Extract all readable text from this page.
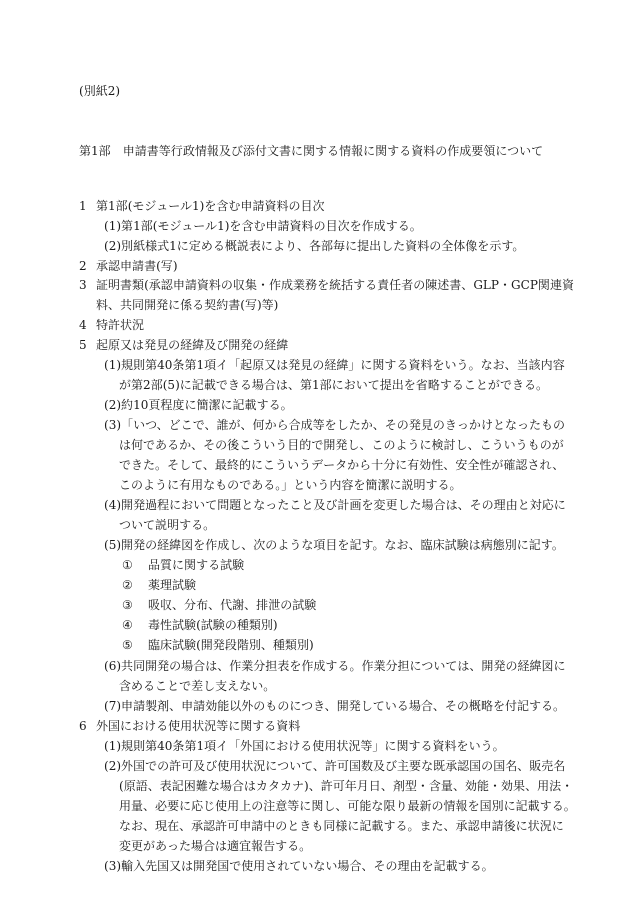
(別紙2)
第1部　申請書等行政情報及び添付文書に関する情報に関する資料の作成要領について
1 第1部(モジュール1)を含む申請資料の目次
(1)第1部(モジュール1)を含む申請資料の目次を作成する。
(2)別紙様式1に定める概説表により、各部毎に提出した資料の全体像を示す。
2 承認申請書(写)
3 証明書類(承認申請資料の収集・作成業務を統括する責任者の陳述書、GLP・GCP関連資
料、共同開発に係る契約書(写)等)
4 特許状況
5 起原又は発見の経緯及び開発の経緯
(1)規則第40条第1項イ「起原又は発見の経緯」に関する資料をいう。なお、当該内容
が第2部(5)に記載できる場合は、第1部において提出を省略することができる。
(2)約10頁程度に簡潔に記載する。
(3)「いつ、どこで、誰が、何から合成等をしたか、その発見のきっかけとなったもの
は何であるか、その後こういう目的で開発し、このように検討し、こういうものが
できた。そして、最終的にこういうデータから十分に有効性、安全性が確認され、
このように有用なものである。」という内容を簡潔に説明する。
(4)開発過程において問題となったこと及び計画を変更した場合は、その理由と対応に
ついて説明する。
(5)開発の経緯図を作成し、次のような項目を記す。なお、臨床試験は病態別に記す。
① 品質に関する試験
② 薬理試験
③ 吸収、分布、代謝、排泄の試験
④ 毒性試験(試験の種類別)
⑤ 臨床試験(開発段階別、種類別)
(6)共同開発の場合は、作業分担表を作成する。作業分担については、開発の経緯図に
含めることで差し支えない。
(7)申請製剤、申請効能以外のものにつき、開発している場合、その概略を付記する。
6 外国における使用状況等に関する資料
(1)規則第40条第1項イ「外国における使用状況等」に関する資料をいう。
(2)外国での許可及び使用状況について、許可国数及び主要な既承認国の国名、販売名
(原語、表記困難な場合はカタカナ)、許可年月日、剤型・含量、効能・効果、用法・
用量、必要に応じ使用上の注意等に関し、可能な限り最新の情報を国別に記載する。
なお、現在、承認許可申請中のときも同様に記載する。また、承認申請後に状況に
変更があった場合は適宜報告する。
(3)輸入先国又は開発国で使用されていない場合、その理由を記載する。
